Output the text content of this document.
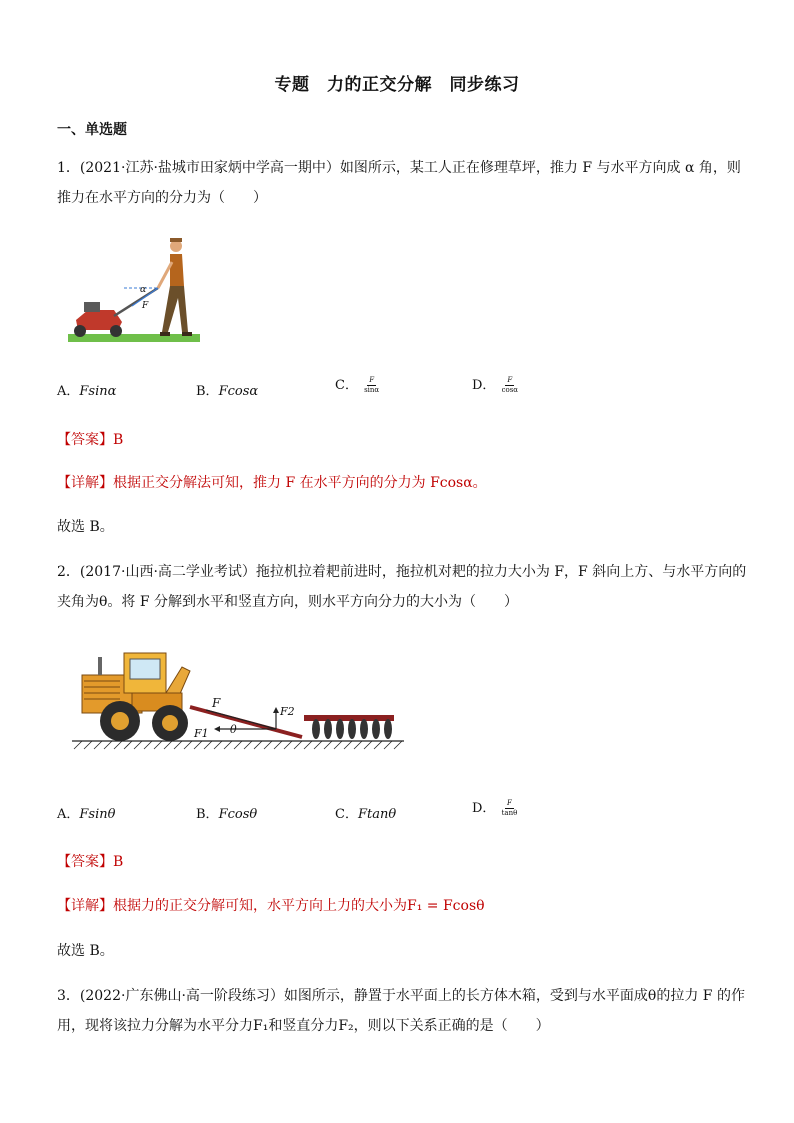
专题　力的正交分解　同步练习
一、单选题
1．(2021·江苏·盐城市田家炳中学高一期中）如图所示，某工人正在修理草坪，推力 F 与水平方向成 α 角，则推力在水平方向的分力为（　　）
α
F
A．Fsinα	B．Fcosα	C． $\frac{F}{\sin\alpha}$	D． $\frac{F}{\cos\alpha}$
【答案】B
【详解】根据正交分解法可知，推力 F 在水平方向的分力为 Fcosα。
故选 B。
2．(2017·山西·高二学业考试）拖拉机拉着耙前进时，拖拉机对耙的拉力大小为 F，F 斜向上方、与水平方向的夹角为θ。将 F 分解到水平和竖直方向，则水平方向分力的大小为（　　）
F
F2
F1 θ
A．Fsinθ	B．Fcosθ	C．Ftanθ	D． $\frac{F}{\tan\theta}$
【答案】B
【详解】根据力的正交分解可知，水平方向上力的大小为F₁ = Fcosθ
故选 B。
3．(2022·广东佛山·高一阶段练习）如图所示，静置于水平面上的长方体木箱，受到与水平面成θ的拉力 F 的作用，现将该拉力分解为水平分力F₁和竖直分力F₂，则以下关系正确的是（　　）
